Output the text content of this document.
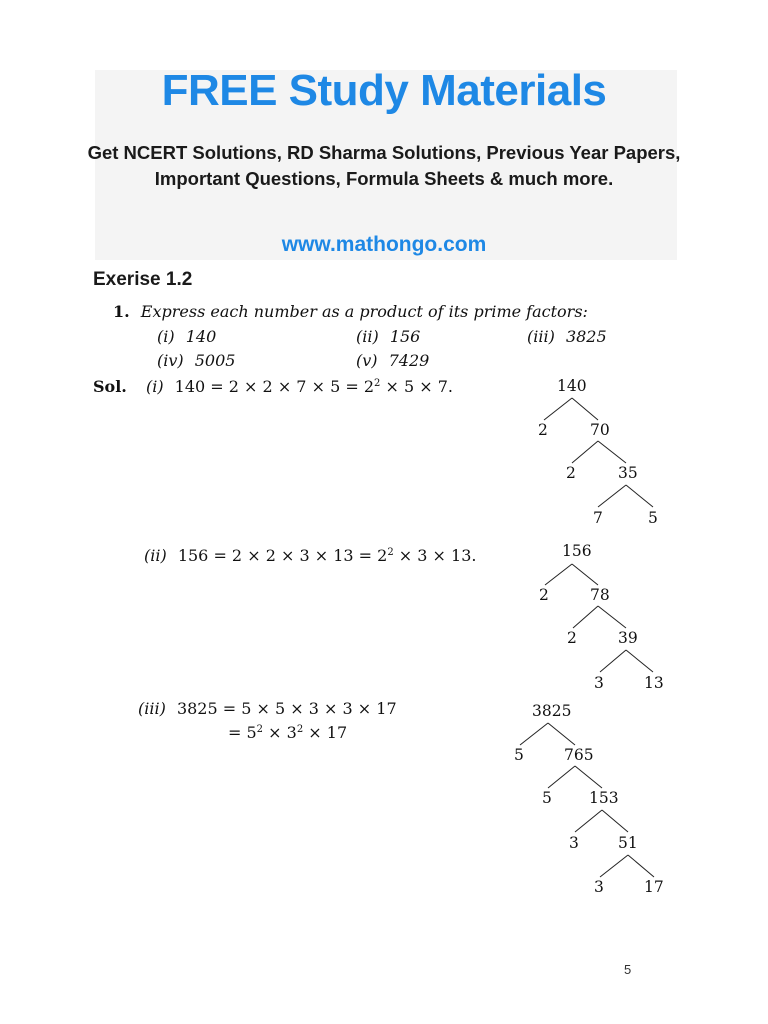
FREE Study Materials
Get NCERT Solutions, RD Sharma Solutions, Previous Year Papers,
Important Questions, Formula Sheets & much more.
www.mathongo.com
Exerise 1.2
1. Express each number as a product of its prime factors:
(i) 140	(ii) 156	(iii) 3825
(iv) 5005	(v) 7429
Sol. (i) $140 = 2 \times 2 \times 7 \times 5 = 2^2 \times 5 \times 7$.
(ii) $156 = 2 \times 2 \times 3 \times 13 = 2^2 \times 3 \times 13$.
(iii) 3825 = 5 × 5 × 3 × 3 × 17
= $5^2 \times 3^2 \times 17$
140
2	70
2	35
7	5
156
2	78
2	39
3	13
3825
5	765
5 153
3	51
3	17
5
